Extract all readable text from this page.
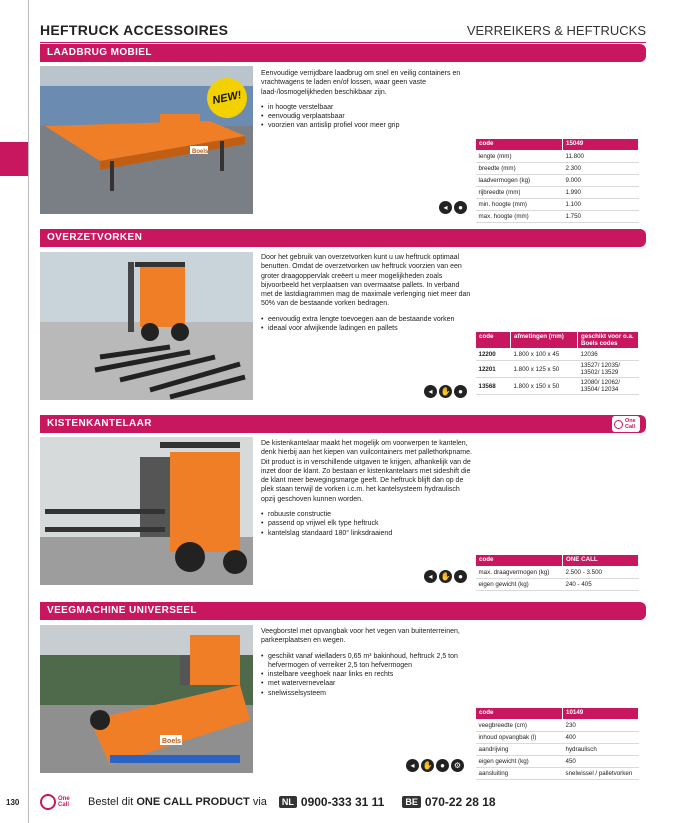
HEFTRUCK ACCESSOIRES	VERREIKERS & HEFTRUCKS
LAADBRUG MOBIEL
Boels
NEW!

Eenvoudige verrijdbare laadbrug om snel en veilig containers en vrachtwagens te laden en/of lossen, waar geen vaste laad-/losmogelijkheden beschikbaar zijn.

• in hoogte verstelbaar
• eenvoudig verplaatsbaar
• voorzien van antislip profiel voor meer grip
code	15049
lengte (mm)	11.800
breedte (mm)	2.300
laadvermogen (kg)	9.000
rijbreedte (mm)	1.990
min. hoogte (mm)	1.100
max. hoogte (mm)	1.750
◂	●
OVERZETVORKEN

Door het gebruik van overzetvorken kunt u uw heftruck optimaal benutten. Omdat de overzetvorken uw heftruck voorzien van een groter draagoppervlak creëert u meer mogelijkheden zoals bijvoorbeeld het verplaatsen van overmaatse pallets. In verband met de lastdiagrammen mag de maximale verlenging niet meer dan 50% van de bestaande vorken bedragen.

• eenvoudig extra lengte toevoegen aan de bestaande vorken
• ideaal voor afwijkende ladingen en pallets
code	afmetingen (mm)	geschikt voor o.a. Boels codes
12200	1.800 x 100 x 45	12036
12201	1.800 x 125 x 50	13527/ 12035/ 13502/ 13529
13568	1.800 x 150 x 50	12080/ 12062/ 13504/ 12034
◂	✋ ●
KISTENKANTELAAR	One
Call

De kistenkantelaar maakt het mogelijk om voorwerpen te kantelen, denk hierbij aan het kiepen van vuilcontainers met pallethorkpname. Dit product is in verschillende uitgaven te krijgen, afhankelijk van de inzet door de klant. Zo bestaan er kistenkantelaars met sideshift die de klant meer bewegingsmarge geeft. De heftruck blijft dan op de plek staan terwijl de vorken i.c.m. het kantelsysteem hydraulisch opzij geschoven kunnen worden.

• robuuste constructie
• passend op vrijwel elk type heftruck
• kantelslag standaard 180° linksdraaiend
code	ONE CALL
max. draagvermogen (kg)	2.500 - 3.500
eigen gewicht (kg)	240 - 405
◂	✋ ●
VEEGMACHINE UNIVERSEEL
Boels

Veegborstel met opvangbak voor het vegen van buitenterreinen, parkeerplaatsen en wegen.

• geschikt vanaf wielladers 0,65 m³ bakinhoud, heftruck 2,5 ton hefvermogen of verreiker 2,5 ton hefvermogen
• instelbare veeghoek naar links en rechts
• met watervernevelaar
• snelwisselsysteem
code	10149
veegbreedte (cm)	230
inhoud opvangbak (l)	400
aandrijving	hydraulisch
eigen gewicht (kg)	450
aansluiting	snelwissel / palletvorken
◂	✋ ●	⚙
130	One
Call Bestel dit
ONE CALL PRODUCT
via	NL 0900-333 31 11	BE 070-22 28 18
